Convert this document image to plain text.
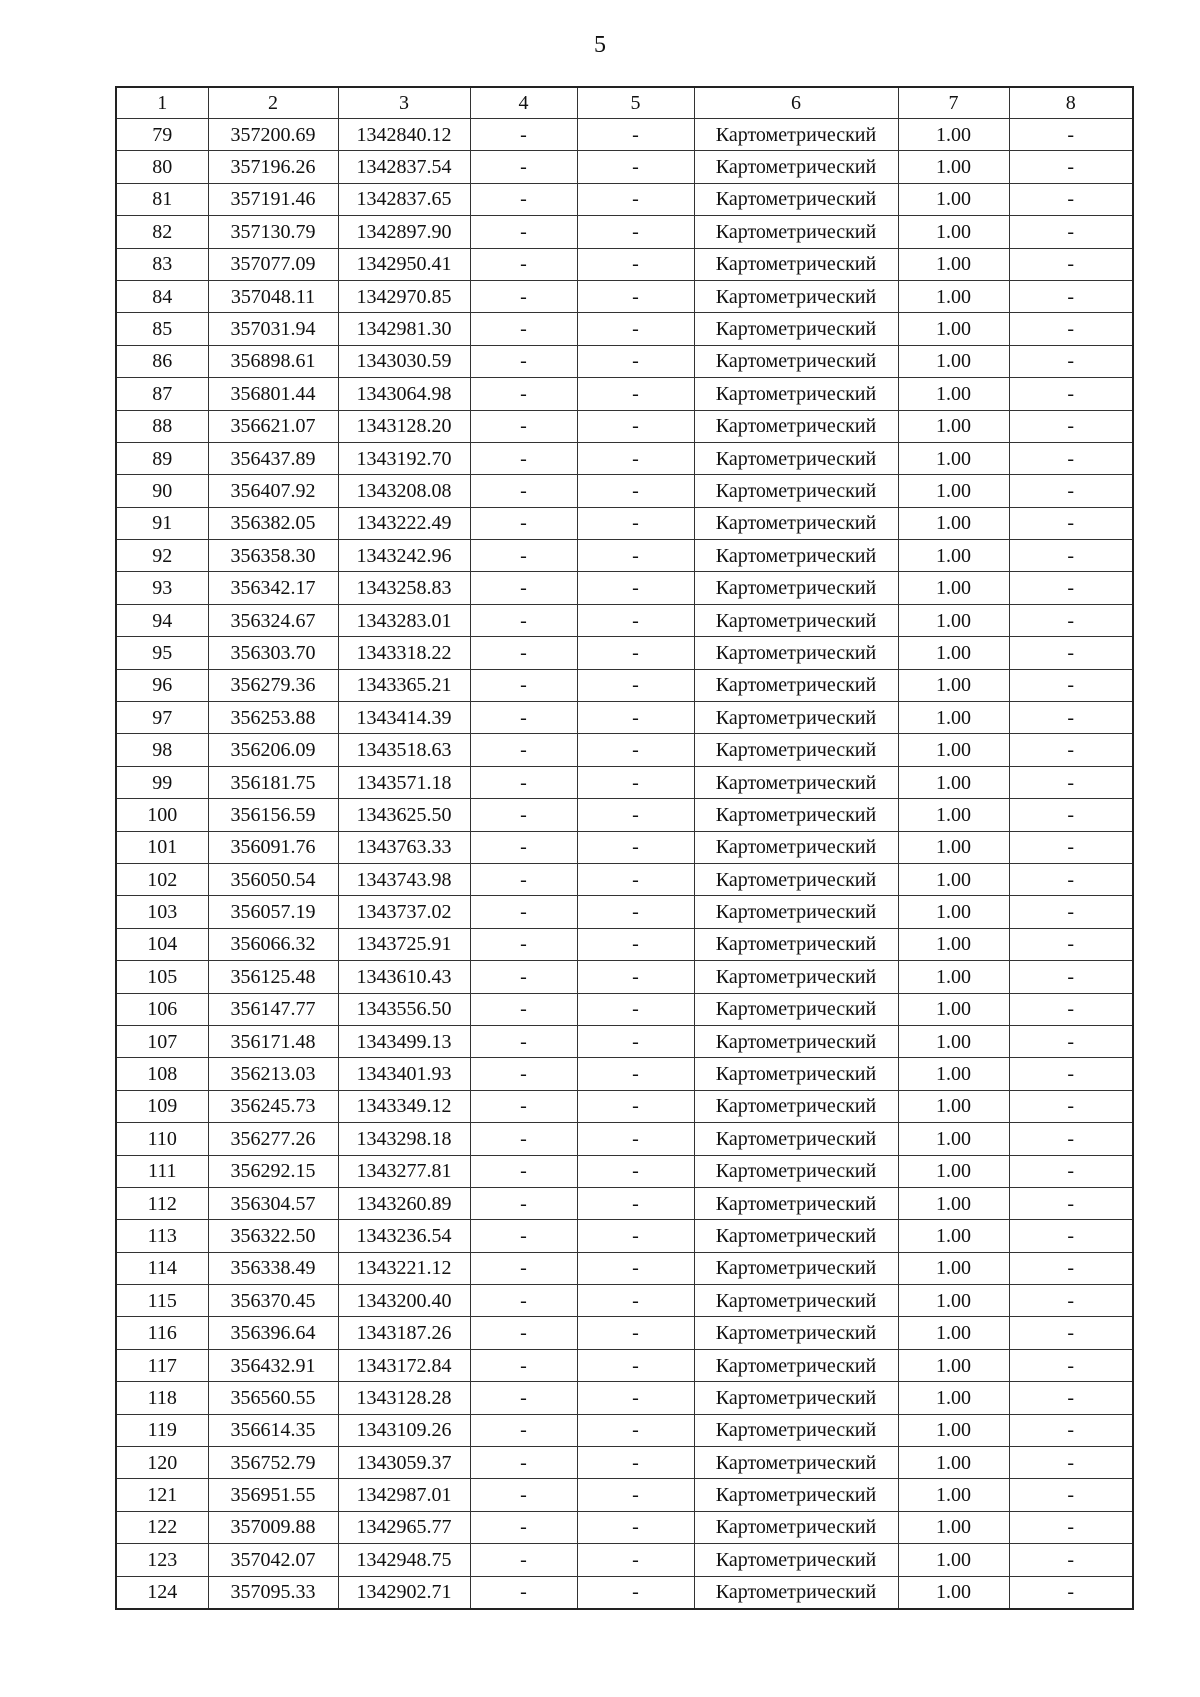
5
1	2	3	4	5	6	7	8
79	357200.69	1342840.12	-	-	Картометрический	1.00	-
80	357196.26	1342837.54	-	-	Картометрический	1.00	-
81	357191.46	1342837.65	-	-	Картометрический	1.00	-
82	357130.79	1342897.90	-	-	Картометрический	1.00	-
83	357077.09	1342950.41	-	-	Картометрический	1.00	-
84	357048.11	1342970.85	-	-	Картометрический	1.00	-
85	357031.94	1342981.30	-	-	Картометрический	1.00	-
86	356898.61	1343030.59	-	-	Картометрический	1.00	-
87	356801.44	1343064.98	-	-	Картометрический	1.00	-
88	356621.07	1343128.20	-	-	Картометрический	1.00	-
89	356437.89	1343192.70	-	-	Картометрический	1.00	-
90	356407.92	1343208.08	-	-	Картометрический	1.00	-
91	356382.05	1343222.49	-	-	Картометрический	1.00	-
92	356358.30	1343242.96	-	-	Картометрический	1.00	-
93	356342.17	1343258.83	-	-	Картометрический	1.00	-
94	356324.67	1343283.01	-	-	Картометрический	1.00	-
95	356303.70	1343318.22	-	-	Картометрический	1.00	-
96	356279.36	1343365.21	-	-	Картометрический	1.00	-
97	356253.88	1343414.39	-	-	Картометрический	1.00	-
98	356206.09	1343518.63	-	-	Картометрический	1.00	-
99	356181.75	1343571.18	-	-	Картометрический	1.00	-
100	356156.59	1343625.50	-	-	Картометрический	1.00	-
101	356091.76	1343763.33	-	-	Картометрический	1.00	-
102	356050.54	1343743.98	-	-	Картометрический	1.00	-
103	356057.19	1343737.02	-	-	Картометрический	1.00	-
104	356066.32	1343725.91	-	-	Картометрический	1.00	-
105	356125.48	1343610.43	-	-	Картометрический	1.00	-
106	356147.77	1343556.50	-	-	Картометрический	1.00	-
107	356171.48	1343499.13	-	-	Картометрический	1.00	-
108	356213.03	1343401.93	-	-	Картометрический	1.00	-
109	356245.73	1343349.12	-	-	Картометрический	1.00	-
110	356277.26	1343298.18	-	-	Картометрический	1.00	-
111	356292.15	1343277.81	-	-	Картометрический	1.00	-
112	356304.57	1343260.89	-	-	Картометрический	1.00	-
113	356322.50	1343236.54	-	-	Картометрический	1.00	-
114	356338.49	1343221.12	-	-	Картометрический	1.00	-
115	356370.45	1343200.40	-	-	Картометрический	1.00	-
116	356396.64	1343187.26	-	-	Картометрический	1.00	-
117	356432.91	1343172.84	-	-	Картометрический	1.00	-
118	356560.55	1343128.28	-	-	Картометрический	1.00	-
119	356614.35	1343109.26	-	-	Картометрический	1.00	-
120	356752.79	1343059.37	-	-	Картометрический	1.00	-
121	356951.55	1342987.01	-	-	Картометрический	1.00	-
122	357009.88	1342965.77	-	-	Картометрический	1.00	-
123	357042.07	1342948.75	-	-	Картометрический	1.00	-
124	357095.33	1342902.71	-	-	Картометрический	1.00	-
